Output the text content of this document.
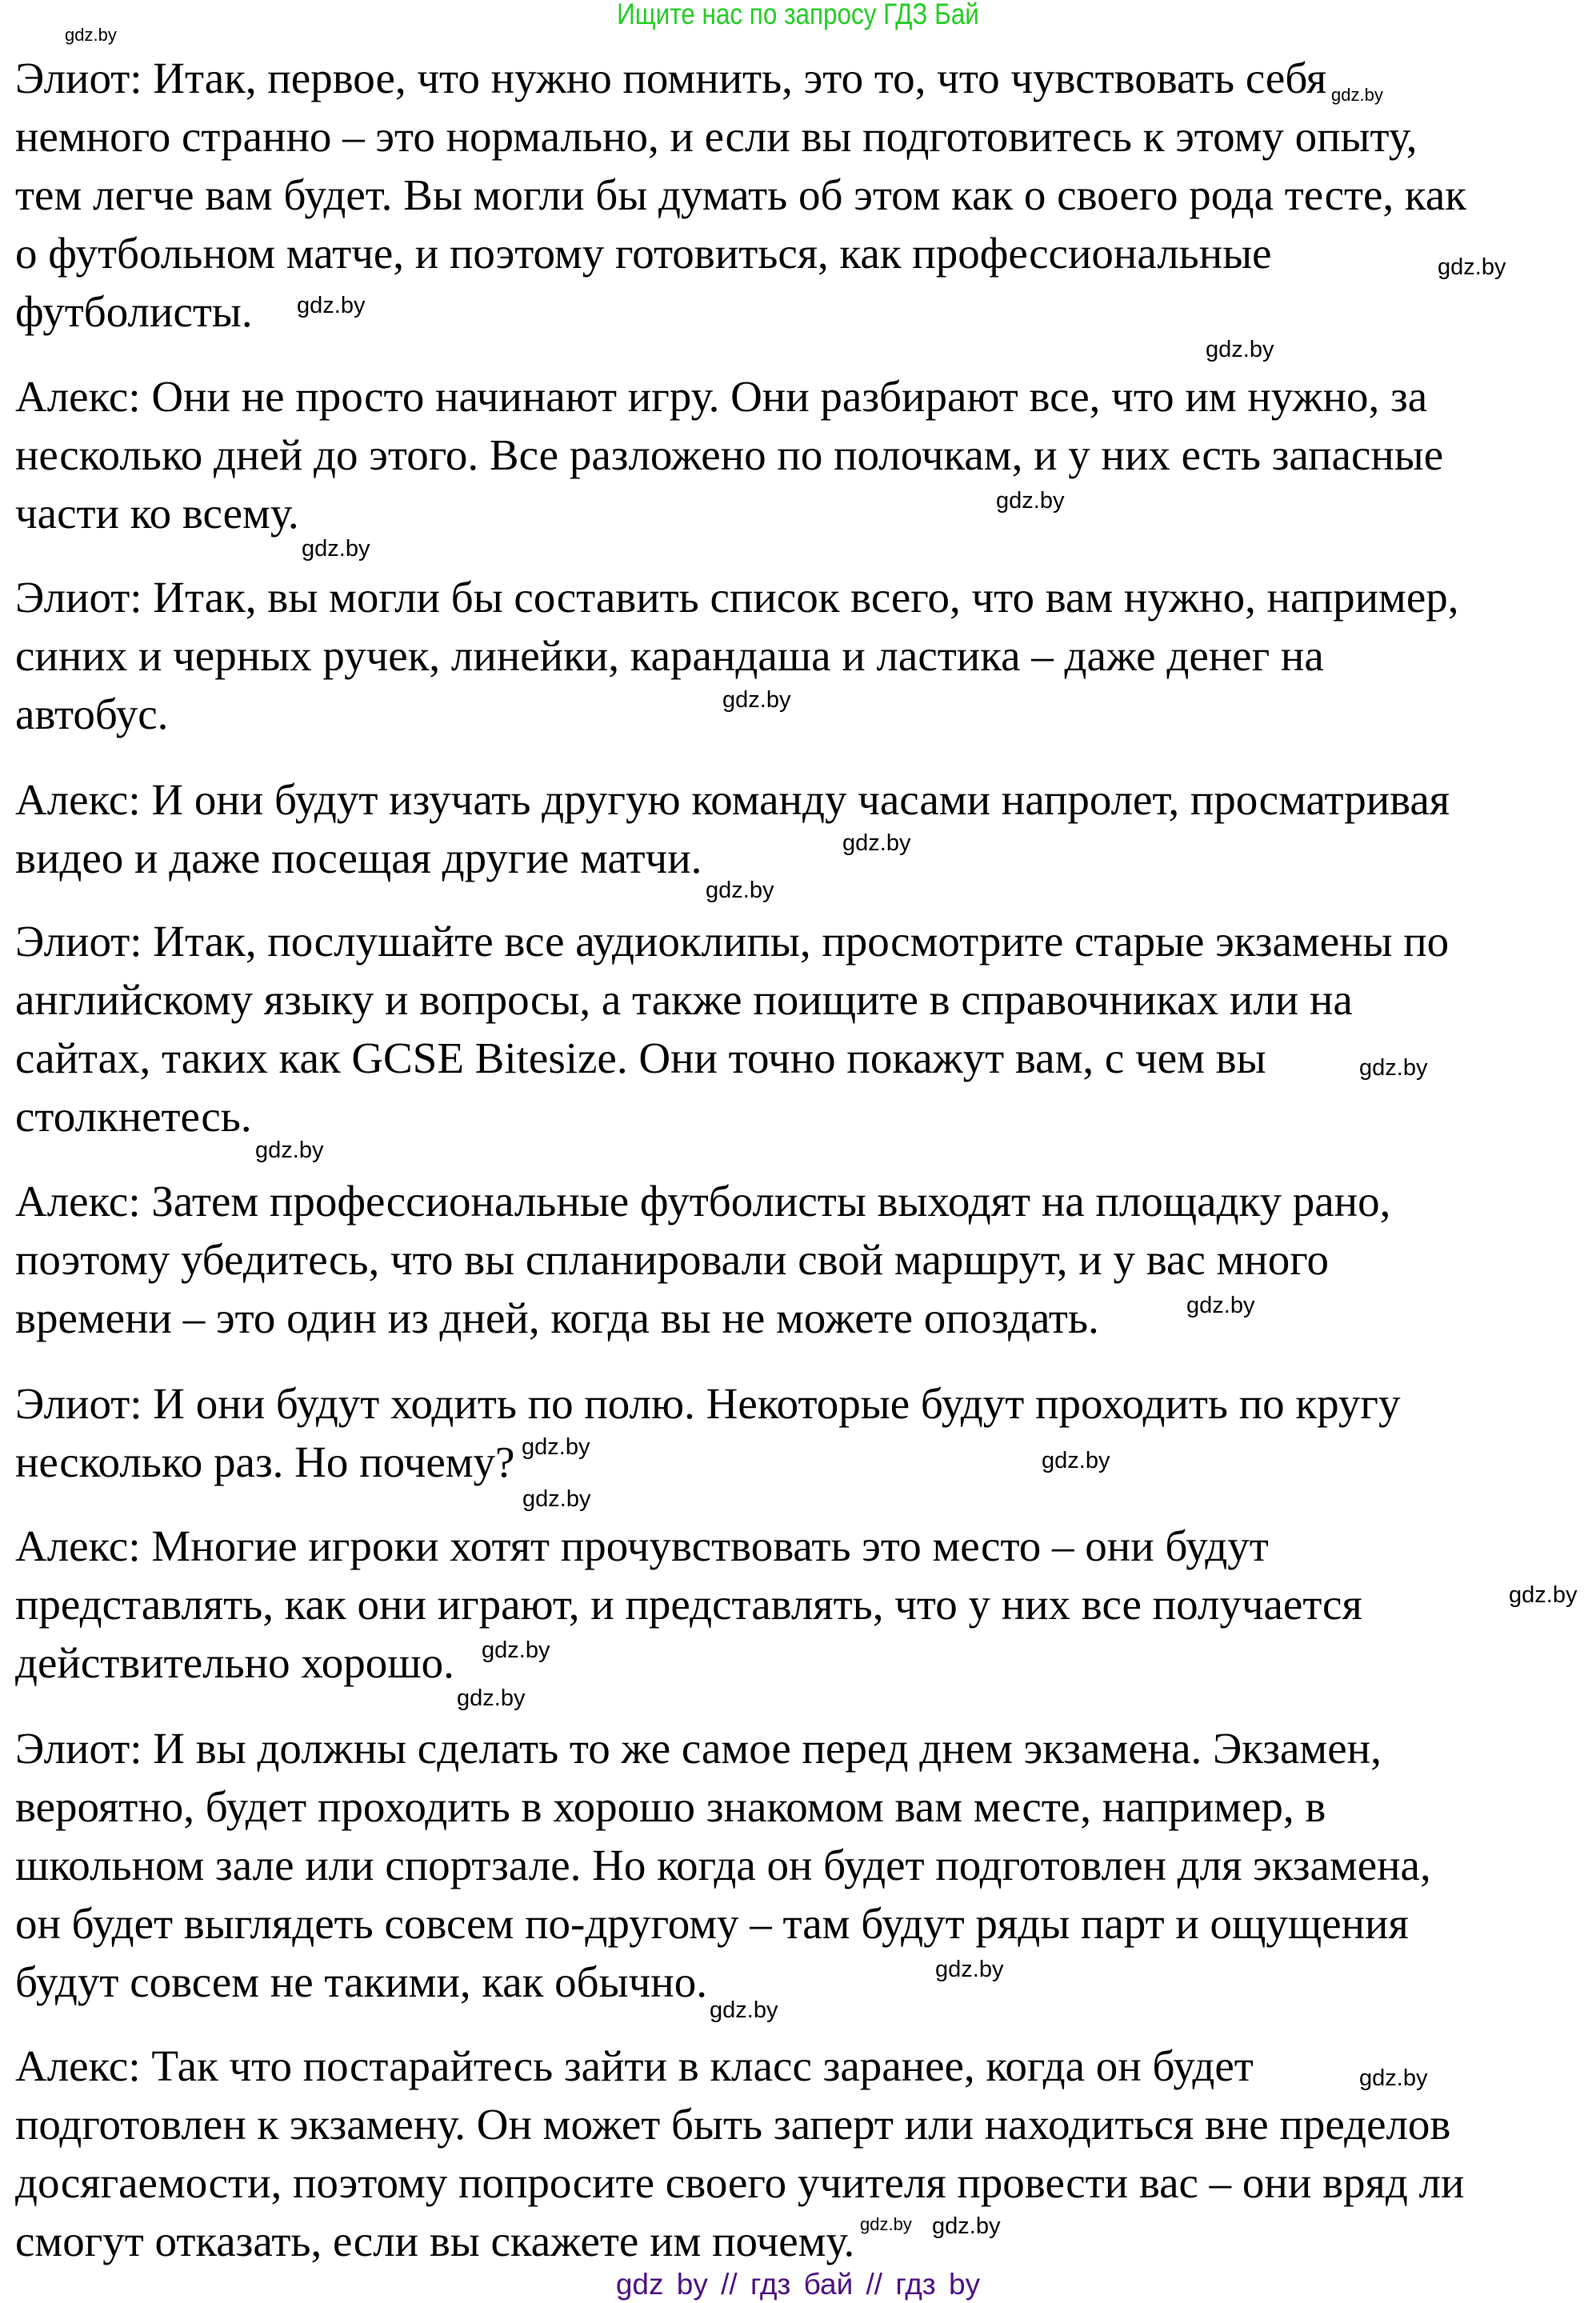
Ищите нас по запросу ГДЗ Бай
Элиот: Итак, первое, что нужно помнить, это то, что чувствовать себя
немного странно – это нормально, и если вы подготовитесь к этому опыту,
тем легче вам будет. Вы могли бы думать об этом как о своего рода тесте, как
о футбольном матче, и поэтому готовиться, как профессиональные
футболисты.
Алекс: Они не просто начинают игру. Они разбирают все, что им нужно, за
несколько дней до этого. Все разложено по полочкам, и у них есть запасные
части ко всему.
Элиот: Итак, вы могли бы составить список всего, что вам нужно, например,
синих и черных ручек, линейки, карандаша и ластика – даже денег на
автобус.
Алекс: И они будут изучать другую команду часами напролет, просматривая
видео и даже посещая другие матчи.
Элиот: Итак, послушайте все аудиоклипы, просмотрите старые экзамены по
английскому языку и вопросы, а также поищите в справочниках или на
сайтах, таких как GCSE Bitesize. Они точно покажут вам, с чем вы
столкнетесь.
Алекс: Затем профессиональные футболисты выходят на площадку рано,
поэтому убедитесь, что вы спланировали свой маршрут, и у вас много
времени – это один из дней, когда вы не можете опоздать.
Элиот: И они будут ходить по полю. Некоторые будут проходить по кругу
несколько раз. Но почему?
Алекс: Многие игроки хотят прочувствовать это место – они будут
представлять, как они играют, и представлять, что у них все получается
действительно хорошо.
Элиот: И вы должны сделать то же самое перед днем экзамена. Экзамен,
вероятно, будет проходить в хорошо знакомом вам месте, например, в
школьном зале или спортзале. Но когда он будет подготовлен для экзамена,
он будет выглядеть совсем по-другому – там будут ряды парт и ощущения
будут совсем не такими, как обычно.
Алекс: Так что постарайтесь зайти в класс заранее, когда он будет
подготовлен к экзамену. Он может быть заперт или находиться вне пределов
досягаемости, поэтому попросите своего учителя провести вас – они вряд ли
смогут отказать, если вы скажете им почему.
gdz.by
gdz.by
gdz.by
gdz.by
gdz.by
gdz.by
gdz.by
gdz.by
gdz.by
gdz.by
gdz.by
gdz.by
gdz.by
gdz.by
gdz.by
gdz.by
gdz.by
gdz.by
gdz.by
gdz.by
gdz.by
gdz.by
gdz.by gdz.by
gdz by // гдз бай // гдз by
